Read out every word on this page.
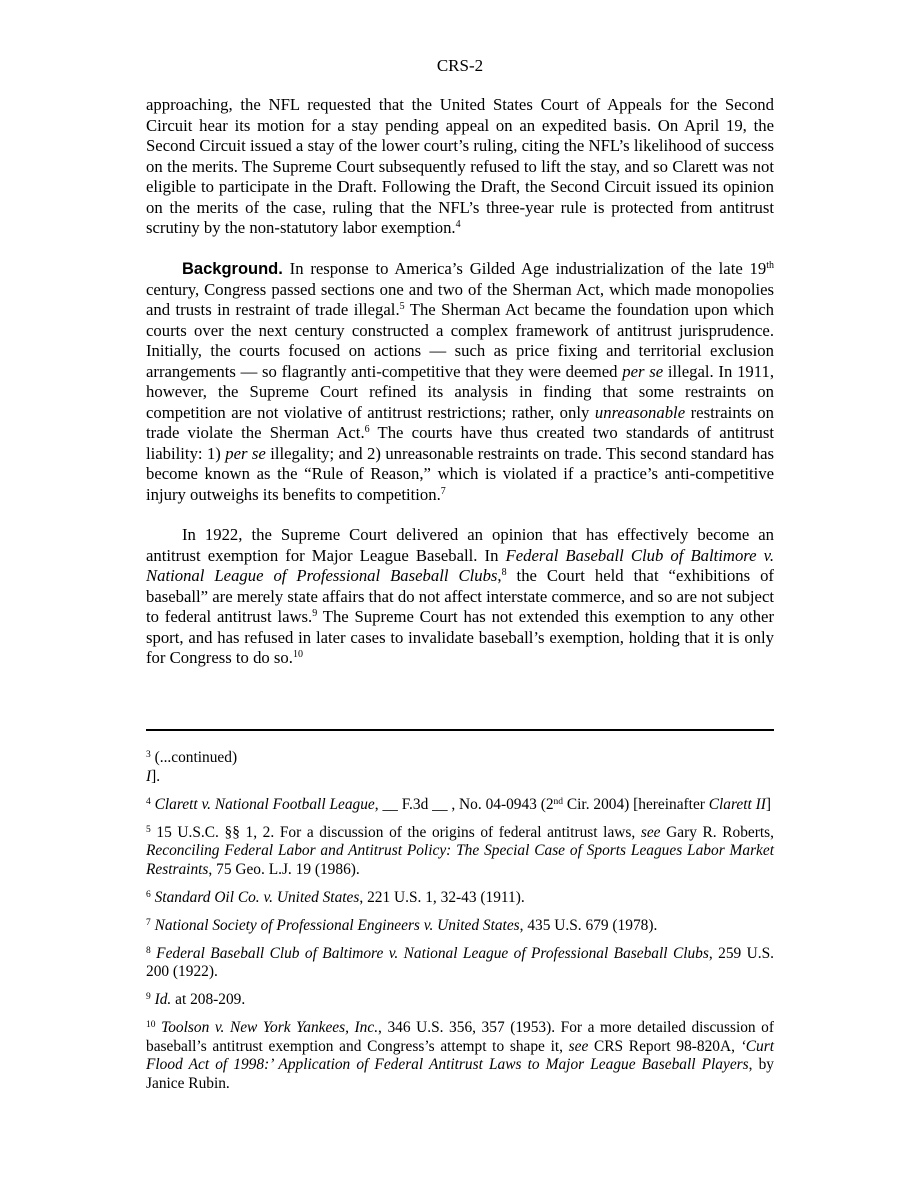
CRS-2

approaching, the NFL requested that the United States Court of Appeals for the Second Circuit hear its motion for a stay pending appeal on an expedited basis. On April 19, the Second Circuit issued a stay of the lower court’s ruling, citing the NFL’s likelihood of success on the merits. The Supreme Court subsequently refused to lift the stay, and so Clarett was not eligible to participate in the Draft. Following the Draft, the Second Circuit issued its opinion on the merits of the case, ruling that the NFL’s three-year rule is protected from antitrust scrutiny by the non-statutory labor exemption.$^4$

Background. In response to America’s Gilded Age industrialization of the late 19th century, Congress passed sections one and two of the Sherman Act, which made monopolies and trusts in restraint of trade illegal.$^5$ The Sherman Act became the foundation upon which courts over the next century constructed a complex framework of antitrust jurisprudence. Initially, the courts focused on actions — such as price fixing and territorial exclusion arrangements — so flagrantly anti-competitive that they were deemed per se illegal. In 1911, however, the Supreme Court refined its analysis in finding that some restraints on competition are not violative of antitrust restrictions; rather, only unreasonable restraints on trade violate the Sherman Act.$^6$ The courts have thus created two standards of antitrust liability: 1) per se illegality; and 2) unreasonable restraints on trade. This second standard has become known as the “Rule of Reason,” which is violated if a practice’s anti-competitive injury outweighs its benefits to competition.$^7$

In 1922, the Supreme Court delivered an opinion that has effectively become an antitrust exemption for Major League Baseball. In Federal Baseball Club of Baltimore v. National League of Professional Baseball Clubs,$^8$ the Court held that “exhibitions of baseball” are merely state affairs that do not affect interstate commerce, and so are not subject to federal antitrust laws.$^9$ The Supreme Court has not extended this exemption to any other sport, and has refused in later cases to invalidate baseball’s exemption, holding that it is only for Congress to do so.$^{10}$

$^3$ (...continued)
I].

$^4$ Clarett v. National Football League, __ F.3d __ , No. 04-0943 (2nd Cir. 2004) [hereinafter Clarett II]

$^5$ 15 U.S.C. §§ 1, 2. For a discussion of the origins of federal antitrust laws, see Gary R. Roberts, Reconciling Federal Labor and Antitrust Policy: The Special Case of Sports Leagues Labor Market Restraints, 75 Geo. L.J. 19 (1986).

$^6$ Standard Oil Co. v. United States, 221 U.S. 1, 32-43 (1911).

$^7$ National Society of Professional Engineers v. United States, 435 U.S. 679 (1978).

$^8$ Federal Baseball Club of Baltimore v. National League of Professional Baseball Clubs, 259 U.S. 200 (1922).

$^9$ Id. at 208-209.

$^{10}$ Toolson v. New York Yankees, Inc., 346 U.S. 356, 357 (1953). For a more detailed discussion of baseball’s antitrust exemption and Congress’s attempt to shape it, see CRS Report 98-820A, ‘Curt Flood Act of 1998:’ Application of Federal Antitrust Laws to Major League Baseball Players, by Janice Rubin.
